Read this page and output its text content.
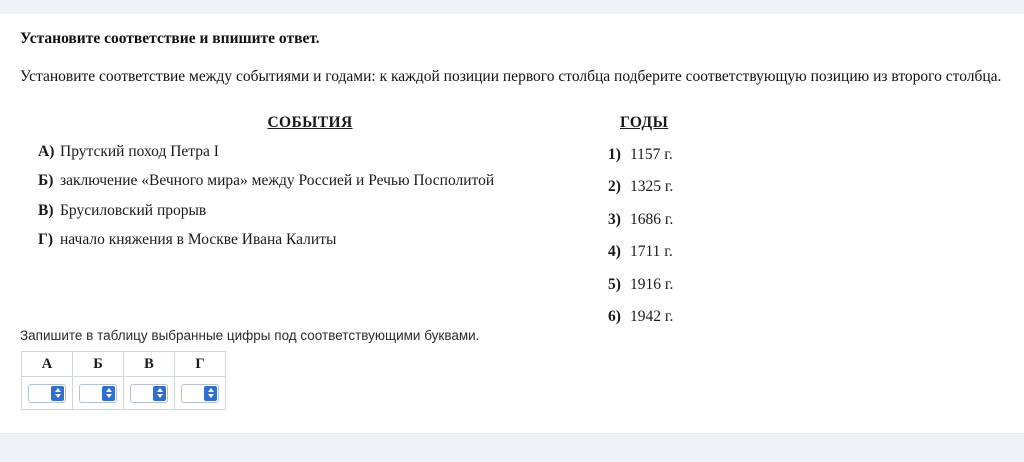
Установите соответствие и впишите ответ.
Установите соответствие между событиями и годами: к каждой позиции первого столбца подберите соответствующую позицию из второго столбца.
СОБЫТИЯ
А) Прутский поход Петра I
Б) заключение «Вечного мира» между Россией и Речью Посполитой
В) Брусиловский прорыв
Г) начало княжения в Москве Ивана Калиты
ГОДЫ
1) 1157 г.
2) 1325 г.
3) 1686 г.
4) 1711 г.
5) 1916 г.
6) 1942 г.
Запишите в таблицу выбранные цифры под соответствующими буквами.
А	Б	В	Г
